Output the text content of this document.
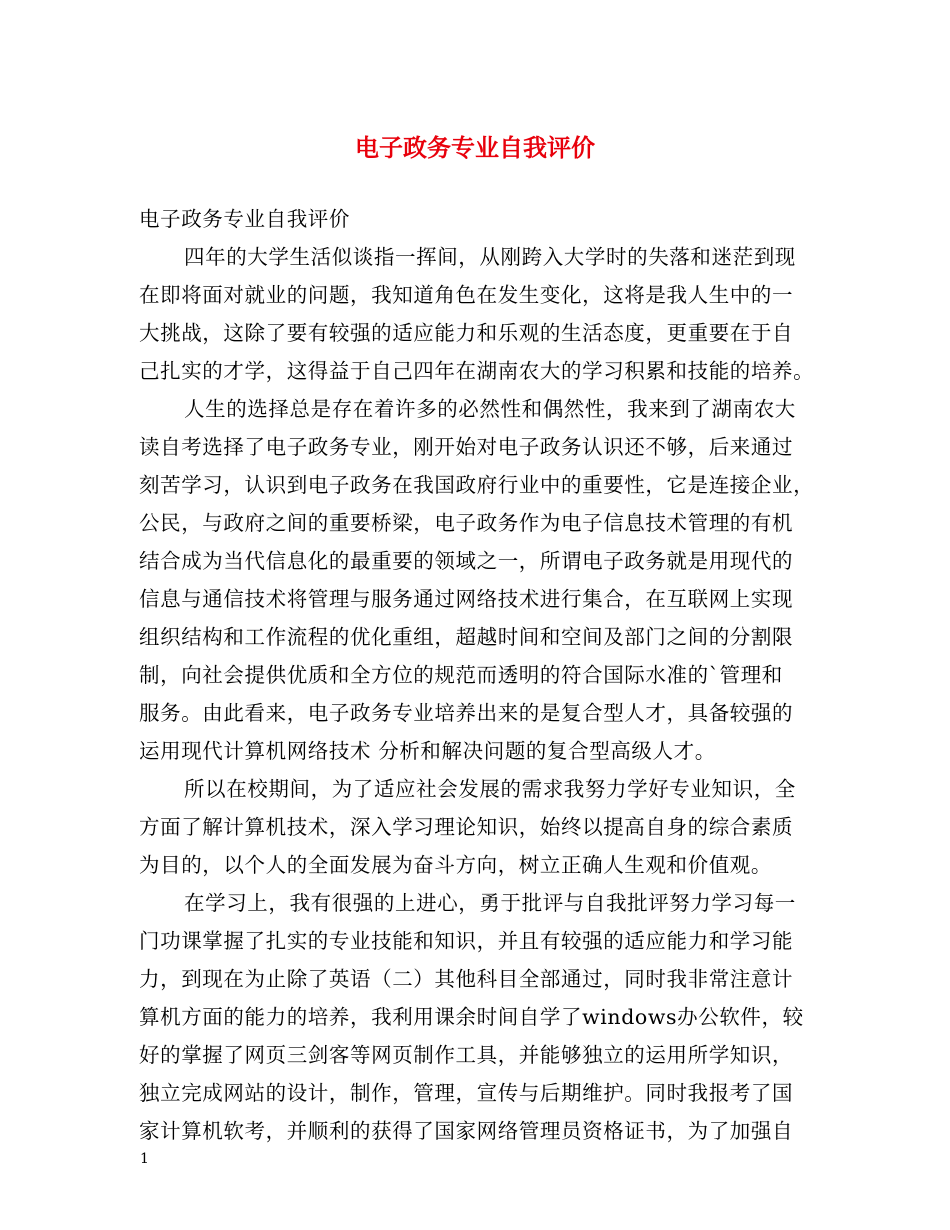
电子政务专业自我评价
电子政务专业自我评价
四年的大学生活似谈指一挥间，从刚跨入大学时的失落和迷茫到现
在即将面对就业的问题，我知道角色在发生变化，这将是我人生中的一
大挑战，这除了要有较强的适应能力和乐观的生活态度，更重要在于自
己扎实的才学，这得益于自己四年在湖南农大的学习积累和技能的培养。
人生的选择总是存在着许多的必然性和偶然性，我来到了湖南农大
读自考选择了电子政务专业，刚开始对电子政务认识还不够，后来通过
刻苦学习，认识到电子政务在我国政府行业中的重要性，它是连接企业，
公民，与政府之间的重要桥梁，电子政务作为电子信息技术管理的有机
结合成为当代信息化的最重要的领域之一，所谓电子政务就是用现代的
信息与通信技术将管理与服务通过网络技术进行集合，在互联网上实现
组织结构和工作流程的优化重组，超越时间和空间及部门之间的分割限
制，向社会提供优质和全方位的规范而透明的符合国际水准的`管理和
服务。由此看来，电子政务专业培养出来的是复合型人才，具备较强的
运用现代计算机网络技术 分析和解决问题的复合型高级人才。
所以在校期间，为了适应社会发展的需求我努力学好专业知识，全
方面了解计算机技术，深入学习理论知识，始终以提高自身的综合素质
为目的，以个人的全面发展为奋斗方向，树立正确人生观和价值观。
在学习上，我有很强的上进心，勇于批评与自我批评努力学习每一
门功课掌握了扎实的专业技能和知识，并且有较强的适应能力和学习能
力，到现在为止除了英语（二）其他科目全部通过，同时我非常注意计
算机方面的能力的培养，我利用课余时间自学了windows办公软件，较
好的掌握了网页三剑客等网页制作工具，并能够独立的运用所学知识，
独立完成网站的设计，制作，管理，宣传与后期维护。同时我报考了国
家计算机软考，并顺利的获得了国家网络管理员资格证书，为了加强自
1
